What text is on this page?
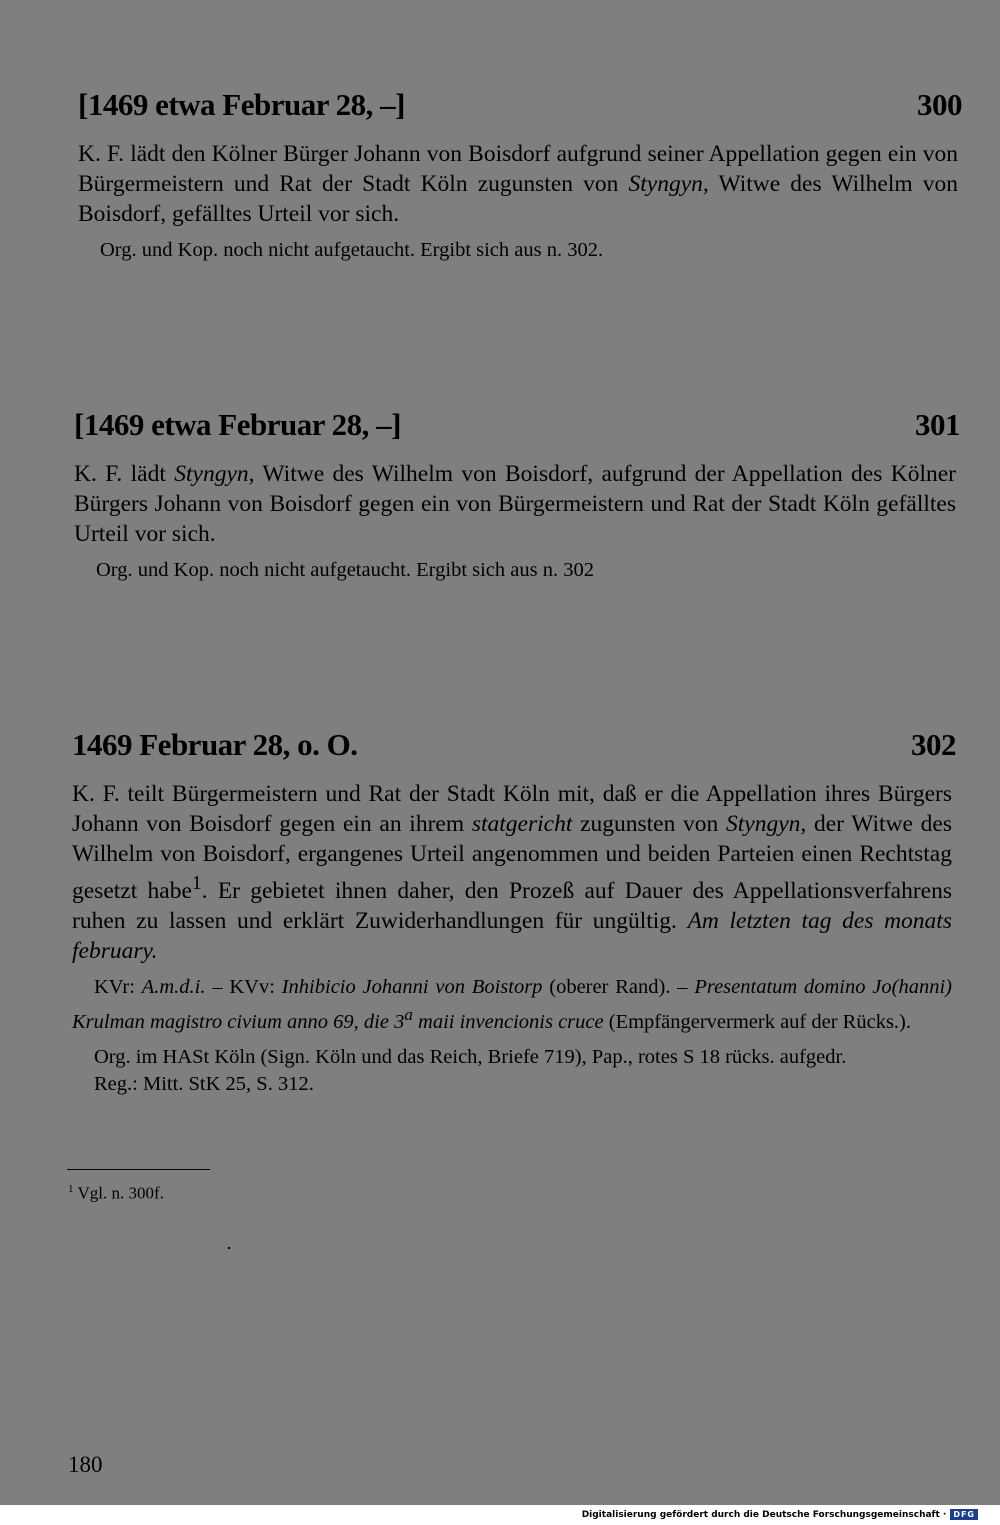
[1469 etwa Februar 28, –]	300

K. F. lädt den Kölner Bürger Johann von Boisdorf aufgrund seiner Appellation gegen ein von Bürgermeistern und Rat der Stadt Köln zugunsten von Styngyn, Witwe des Wilhelm von Boisdorf, gefälltes Urteil vor sich.

Org. und Kop. noch nicht aufgetaucht. Ergibt sich aus n. 302.

[1469 etwa Februar 28, –]	301

K. F. lädt Styngyn, Witwe des Wilhelm von Boisdorf, aufgrund der Appellation des Kölner Bürgers Johann von Boisdorf gegen ein von Bürgermeistern und Rat der Stadt Köln gefälltes Urteil vor sich.

Org. und Kop. noch nicht aufgetaucht. Ergibt sich aus n. 302

1469 Februar 28, o. O.	302

K. F. teilt Bürgermeistern und Rat der Stadt Köln mit, daß er die Appellation ihres Bürgers Johann von Boisdorf gegen ein an ihrem statgericht zugunsten von Styngyn, der Witwe des Wilhelm von Boisdorf, ergangenes Urteil angenommen und beiden Parteien einen Rechtstag gesetzt habe$^1$. Er gebietet ihnen daher, den Prozeß auf Dauer des Appellationsverfahrens ruhen zu lassen und erklärt Zuwiderhandlungen für ungültig. Am letzten tag des monats february.

KVr: A.m.d.i. – KVv: Inhibicio Johanni von Boistorp (oberer Rand). – Presentatum domino Jo(hanni) Krulman magistro civium anno 69, die 3$^a$ maii invencionis cruce (Empfängervermerk auf der Rücks.).

Org. im HASt Köln (Sign. Köln und das Reich, Briefe 719), Pap., rotes S 18 rücks. aufgedr.

Reg.: Mitt. StK 25, S. 312.

$^1$ Vgl. n. 300f.
180
Digitalisierung gefördert durch die Deutsche Forschungsgemeinschaft · DFG
